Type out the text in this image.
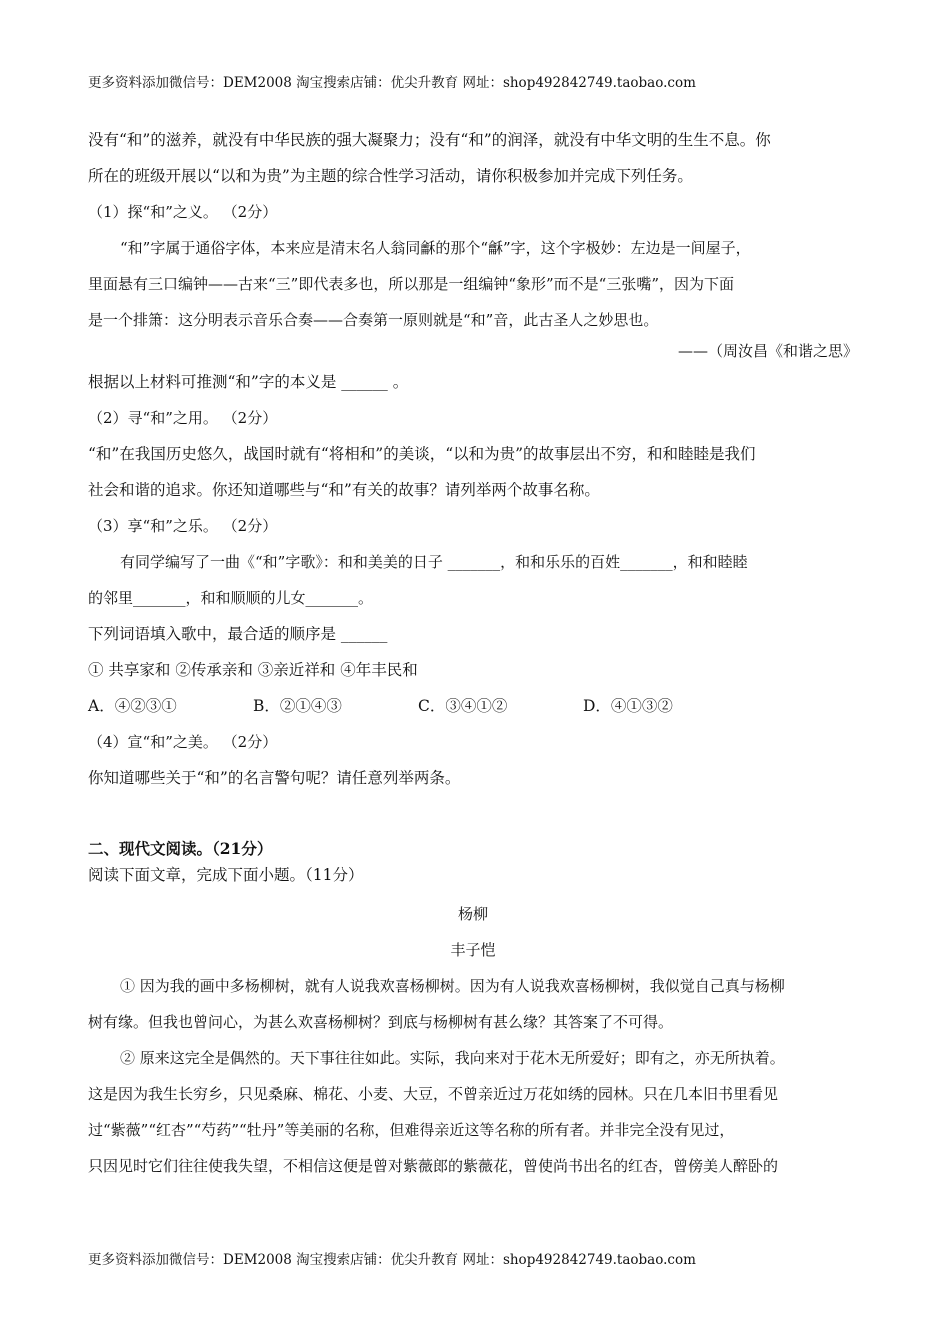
更多资料添加微信号：DEM2008 淘宝搜索店铺：优尖升教育 网址：shop492842749.taobao.com

没有“和”的滋养，就没有中华民族的强大凝聚力；没有“和”的润泽，就没有中华文明的生生不息。你

所在的班级开展以“以和为贵”为主题的综合性学习活动，请你积极参加并完成下列任务。

（1）探“和”之义。 （2分）

“和”字属于通俗字体，本来应是清末名人翁同龢的那个“龢”字，这个字极妙：左边是一间屋子，

里面悬有三口编钟——古来“三”即代表多也，所以那是一组编钟“象形”而不是“三张嘴”，因为下面

是一个排箫：这分明表示音乐合奏——合奏第一原则就是“和”音，此古圣人之妙思也。

——（周汝昌《和谐之思》

根据以上材料可推测“和”字的本义是 ______ 。

（2）寻“和”之用。 （2分）

“和”在我国历史悠久，战国时就有“将相和”的美谈，“以和为贵”的故事层出不穷，和和睦睦是我们

社会和谐的追求。你还知道哪些与“和”有关的故事？请列举两个故事名称。

（3）享“和”之乐。 （2分）

有同学编写了一曲《“和”字歌》：和和美美的日子 _______，和和乐乐的百姓_______，和和睦睦

的邻里_______，和和顺顺的儿女_______。

下列词语填入歌中，最合适的顺序是 ______

① 共享家和 ②传承亲和 ③亲近祥和 ④年丰民和

A．④②③①	B．②①④③	C．③④①②	D．④①③②

（4）宣“和”之美。 （2分）

你知道哪些关于“和”的名言警句呢？请任意列举两条。

二、现代文阅读。（21分）

阅读下面文章，完成下面小题。（11分）

杨柳

丰子恺

① 因为我的画中多杨柳树，就有人说我欢喜杨柳树。因为有人说我欢喜杨柳树，我似觉自己真与杨柳

树有缘。但我也曾问心，为甚么欢喜杨柳树？到底与杨柳树有甚么缘？其答案了不可得。

② 原来这完全是偶然的。天下事往往如此。实际，我向来对于花木无所爱好；即有之，亦无所执着。

这是因为我生长穷乡，只见桑麻、棉花、小麦、大豆，不曾亲近过万花如绣的园林。只在几本旧书里看见

过“紫薇”“红杏”“芍药”“牡丹”等美丽的名称，但难得亲近这等名称的所有者。并非完全没有见过，

只因见时它们往往使我失望，不相信这便是曾对紫薇郎的紫薇花，曾使尚书出名的红杏，曾傍美人醉卧的

更多资料添加微信号：DEM2008 淘宝搜索店铺：优尖升教育 网址：shop492842749.taobao.com
